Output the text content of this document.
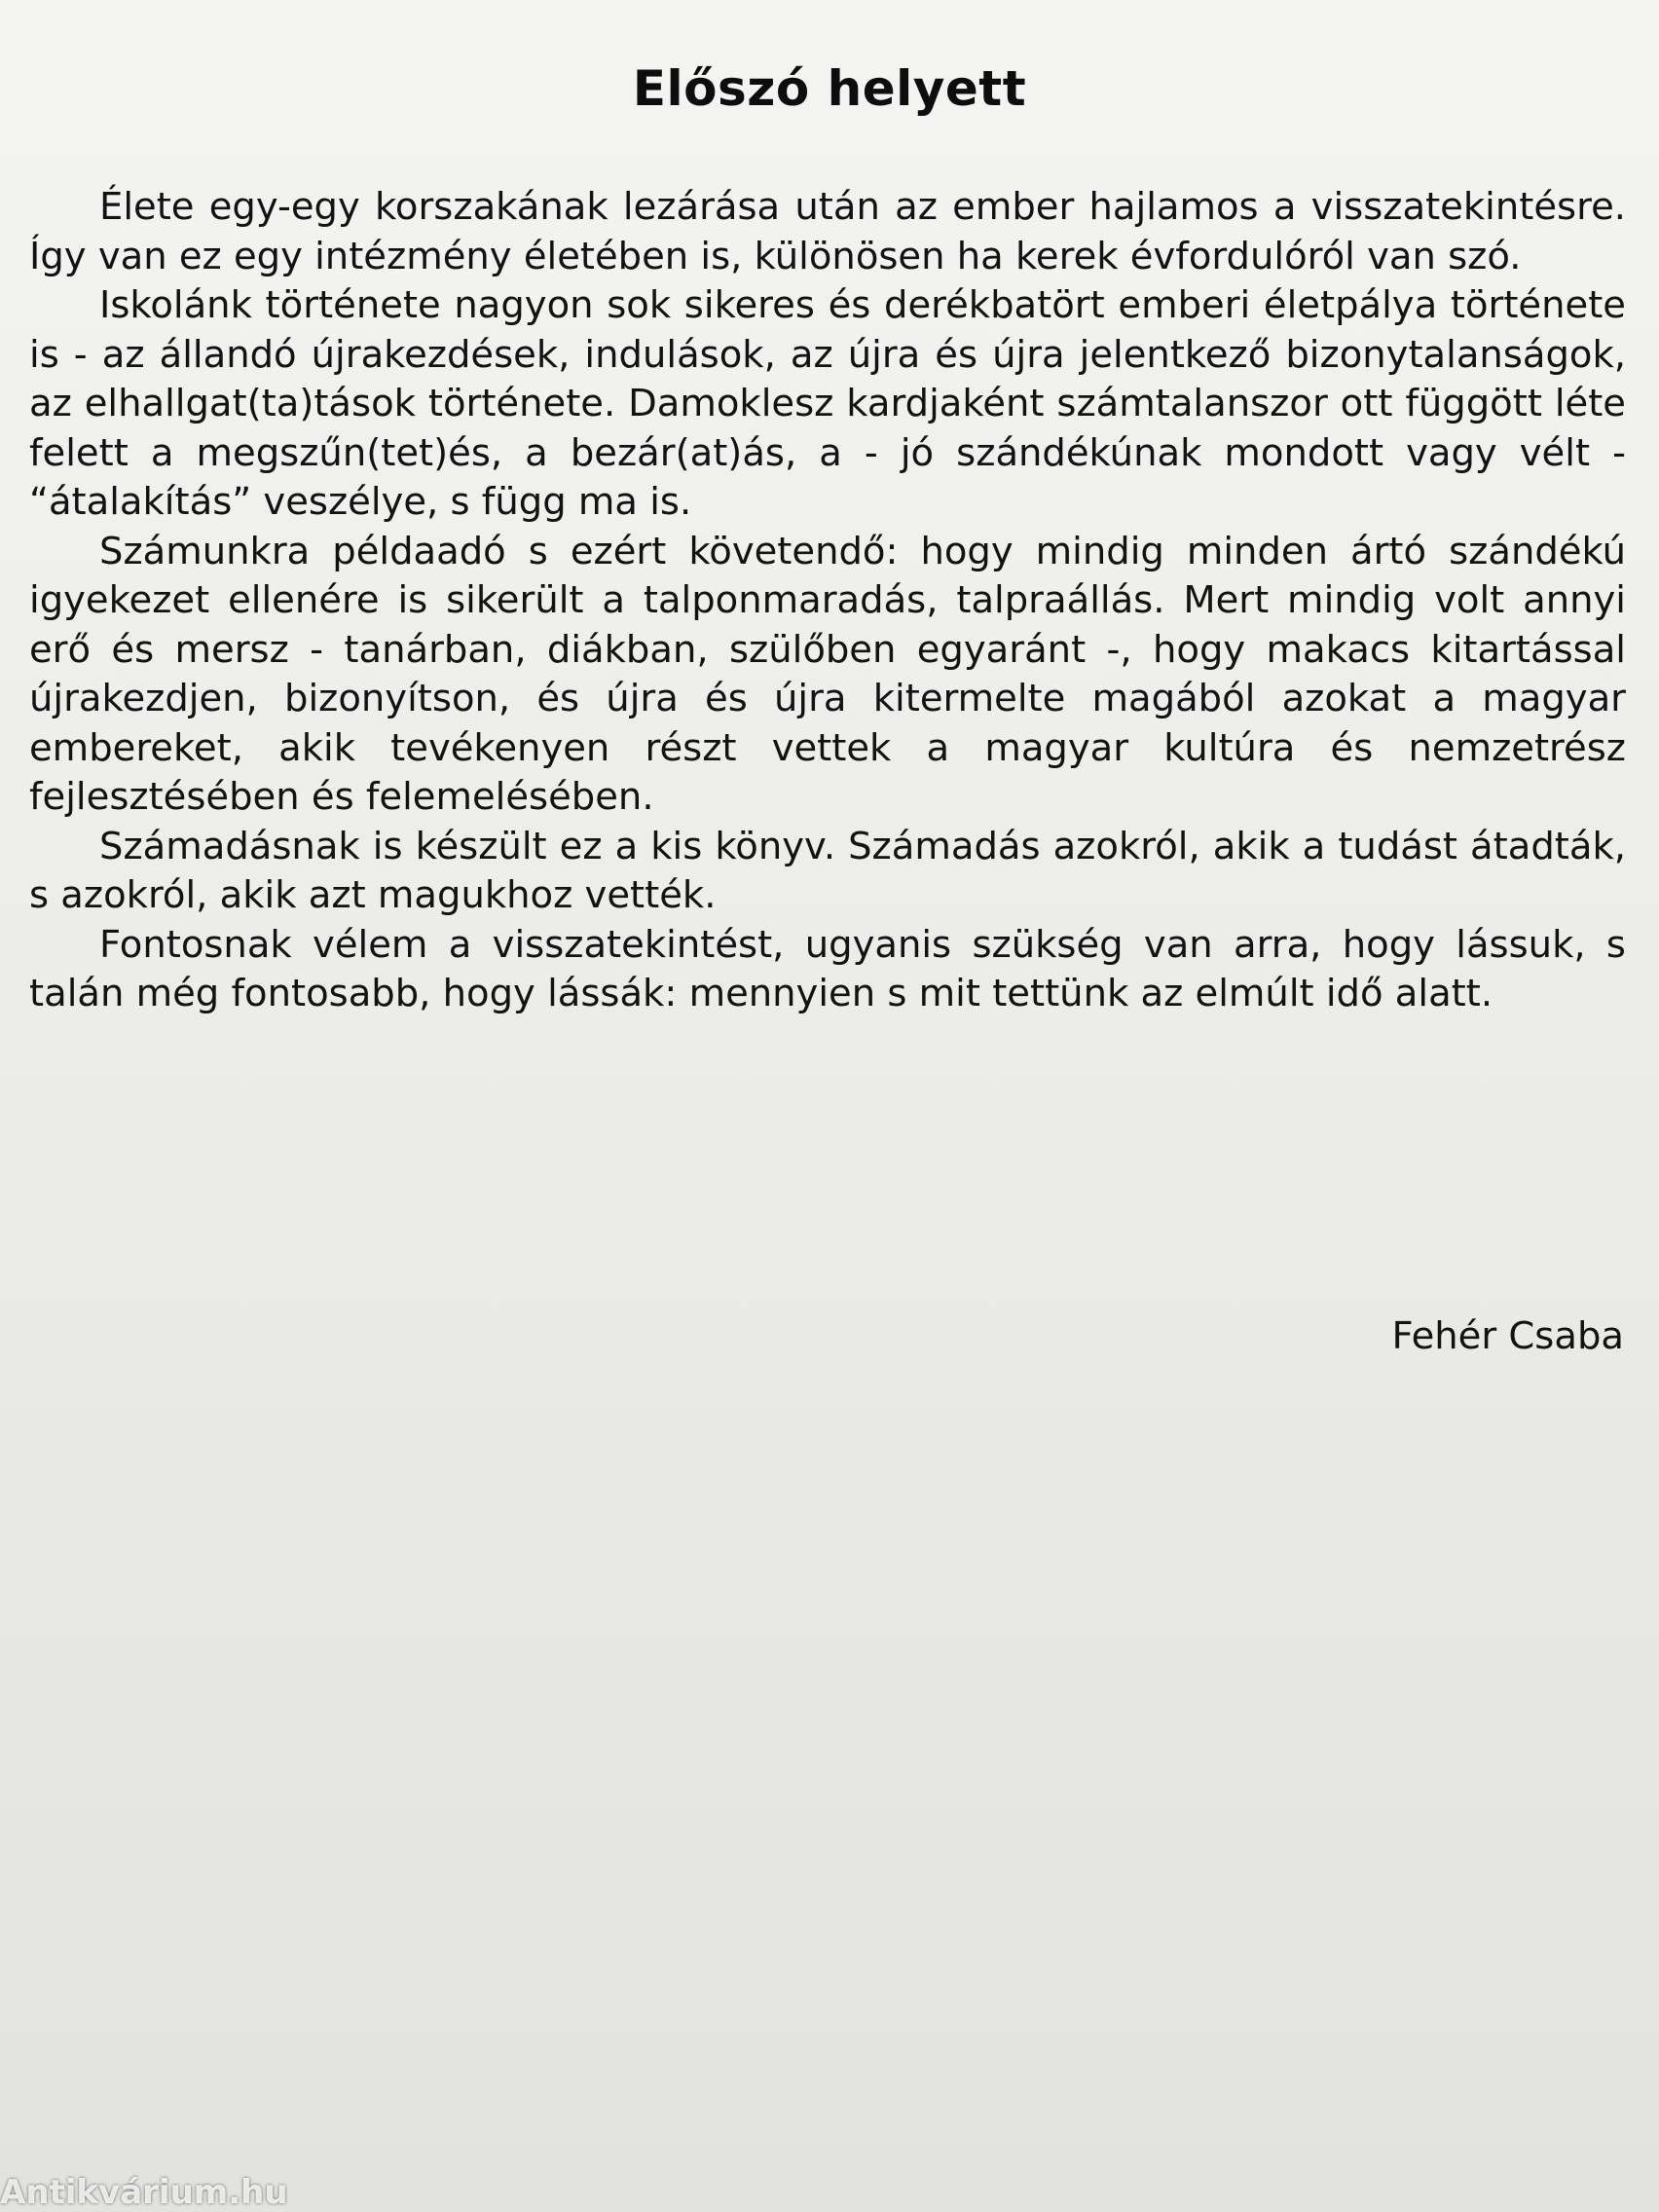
Előszó helyett

Élete egy-egy korszakának lezárása után az ember hajlamos a visszatekintésre. Így van ez egy intézmény életében is, különösen ha kerek évfordulóról van szó.

Iskolánk története nagyon sok sikeres és derékbatört emberi életpálya története is - az állandó újrakezdések, indulások, az újra és újra jelentkező bizonytalanságok, az elhallgat(ta)tások története. Damoklesz kardjaként számtalanszor ott függött léte felett a megszűn(tet)és, a bezár(at)ás, a - jó szándékúnak mondott vagy vélt - “átalakítás” veszélye, s függ ma is.

Számunkra példaadó s ezért követendő: hogy mindig minden ártó szándékú igyekezet ellenére is sikerült a talponmaradás, talpraállás. Mert mindig volt annyi erő és mersz - tanárban, diákban, szülőben egyaránt -, hogy makacs kitartással újrakezdjen, bizonyítson, és újra és újra kitermelte magából azokat a magyar embereket, akik tevékenyen részt vettek a magyar kultúra és nemzetrész fejlesztésében és felemelésében.

Számadásnak is készült ez a kis könyv. Számadás azokról, akik a tudást átadták, s azokról, akik azt magukhoz vették.

Fontosnak vélem a visszatekintést, ugyanis szükség van arra, hogy lássuk, s talán még fontosabb, hogy lássák: mennyien s mit tettünk az elmúlt idő alatt.

Fehér Csaba
Antikvárium.hu
